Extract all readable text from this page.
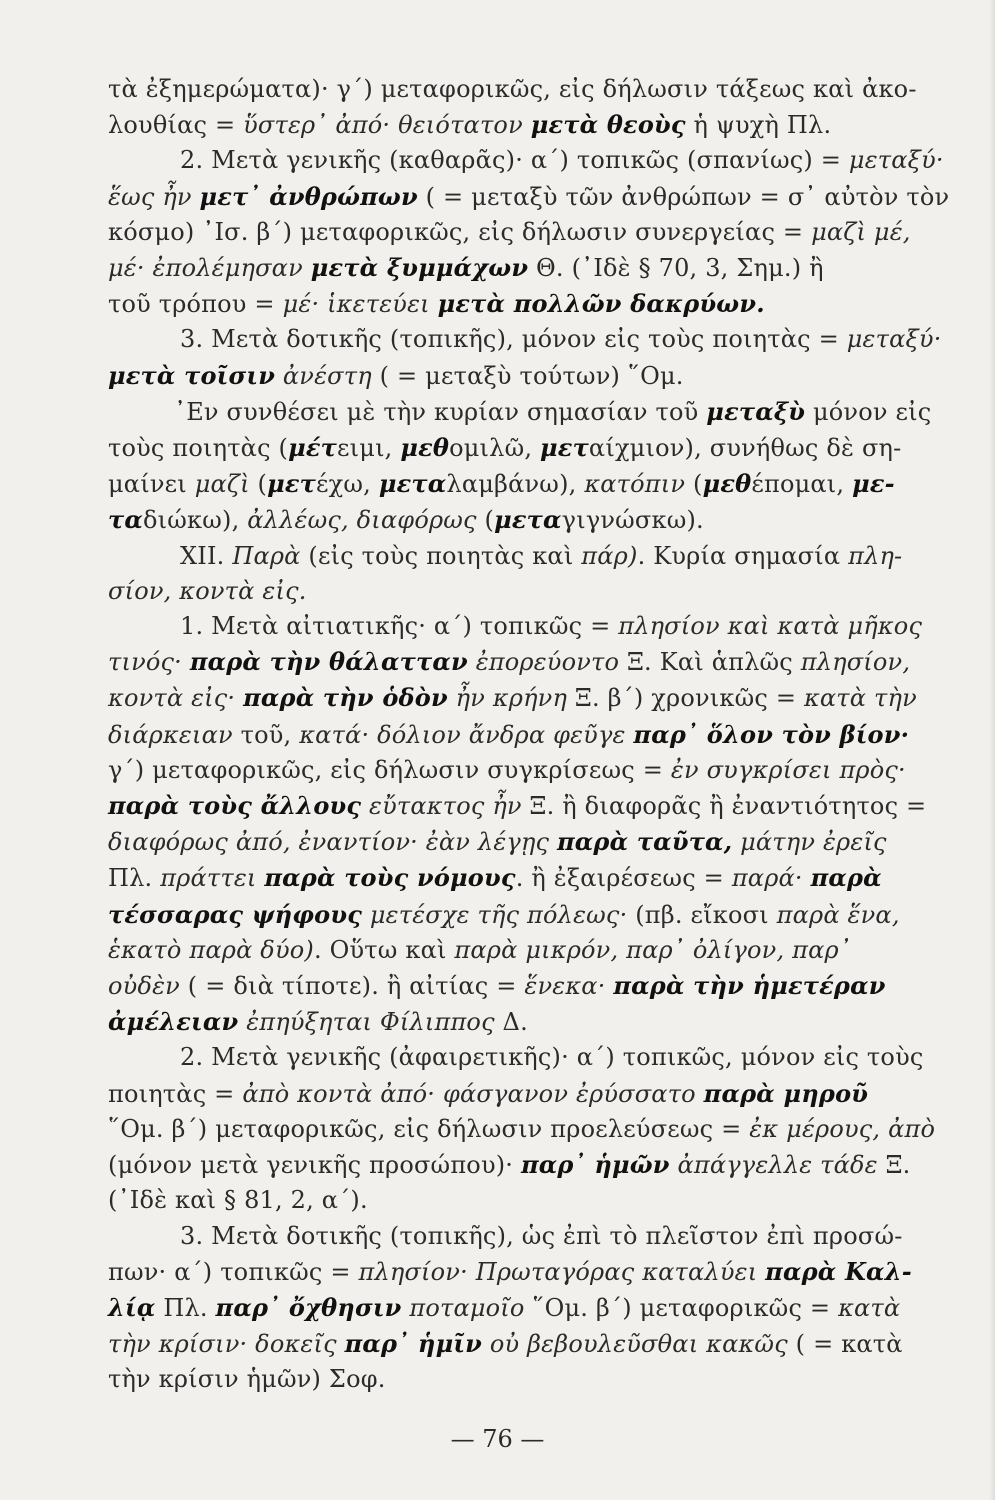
τὰ ἐξημερώματα)· γ΄) μεταφορικῶς, εἰς δήλωσιν τάξεως καὶ ἀκο-
λουθίας = ὕστερ᾿ ἀπό· θειότατον μετὰ θεοὺς ἡ ψυχὴ Πλ.
2. Μετὰ γενικῆς (καθαρᾶς)· α΄) τοπικῶς (σπανίως) = μεταξύ·
ἕως ἦν μετ᾿ ἀνθρώπων ( = μεταξὺ τῶν ἀνθρώπων = σ᾿ αὐτὸν τὸν
κόσμο) ᾿Ισ. β΄) μεταφορικῶς, εἰς δήλωσιν συνεργείας = μαζὶ μέ,
μέ· ἐπολέμησαν μετὰ ξυμμάχων Θ. (᾿Ιδὲ § 70, 3, Σημ.) ἢ
τοῦ τρόπου = μέ· ἱκετεύει μετὰ πολλῶν δακρύων.
3. Μετὰ δοτικῆς (τοπικῆς), μόνον εἰς τοὺς ποιητὰς = μεταξύ·
μετὰ τοῖσιν ἀνέστη ( = μεταξὺ τούτων) ῞Ομ.
᾿Εν συνθέσει μὲ τὴν κυρίαν σημασίαν τοῦ μεταξὺ μόνον εἰς
τοὺς ποιητὰς (μέτειμι, μεθομιλῶ, μεταίχμιον), συνήθως δὲ ση-
μαίνει μαζὶ (μετέχω, μεταλαμβάνω), κατόπιν (μεθέπομαι, με-
ταδιώκω), ἀλλέως, διαφόρως (μεταγιγνώσκω).
XII. Παρὰ (εἰς τοὺς ποιητὰς καὶ πάρ). Κυρία σημασία πλη-
σίον, κοντὰ εἰς.
1. Μετὰ αἰτιατικῆς· α΄) τοπικῶς = πλησίον καὶ κατὰ μῆκος
τινός· παρὰ τὴν θάλατταν ἐπορεύοντο Ξ. Καὶ ἁπλῶς πλησίον,
κοντὰ εἰς· παρὰ τὴν ὁδὸν ἦν κρήνη Ξ. β΄) χρονικῶς = κατὰ τὴν
διάρκειαν τοῦ, κατά· δόλιον ἄνδρα φεῦγε παρ᾿ ὅλον τὸν βίον·
γ΄) μεταφορικῶς, εἰς δήλωσιν συγκρίσεως = ἐν συγκρίσει πρὸς·
παρὰ τοὺς ἄλλους εὔτακτος ἦν Ξ. ἢ διαφορᾶς ἢ ἐναντιότητος =
διαφόρως ἀπό, ἐναντίον· ἐὰν λέγῃς παρὰ ταῦτα, μάτην ἐρεῖς
Πλ. πράττει παρὰ τοὺς νόμους. ἢ ἐξαιρέσεως = παρά· παρὰ
τέσσαρας ψήφους μετέσχε τῆς πόλεως· (πβ. εἴκοσι παρὰ ἕνα,
ἑκατὸ παρὰ δύο). Οὕτω καὶ παρὰ μικρόν, παρ᾿ ὀλίγον, παρ᾿
οὐδὲν ( = διὰ τίποτε). ἢ αἰτίας = ἕνεκα· παρὰ τὴν ἡμετέραν
ἀμέλειαν ἐπηύξηται Φίλιππος Δ.
2. Μετὰ γενικῆς (ἀφαιρετικῆς)· α΄) τοπικῶς, μόνον εἰς τοὺς
ποιητὰς = ἀπὸ κοντὰ ἀπό· φάσγανον ἐρύσσατο παρὰ μηροῦ
῞Ομ. β΄) μεταφορικῶς, εἰς δήλωσιν προελεύσεως = ἐκ μέρους, ἀπὸ
(μόνον μετὰ γενικῆς προσώπου)· παρ᾿ ἡμῶν ἀπάγγελλε τάδε Ξ.
(᾿Ιδὲ καὶ § 81, 2, α΄).
3. Μετὰ δοτικῆς (τοπικῆς), ὡς ἐπὶ τὸ πλεῖστον ἐπὶ προσώ-
πων· α΄) τοπικῶς = πλησίον· Πρωταγόρας καταλύει παρὰ Καλ-
λίᾳ Πλ. παρ᾿ ὄχθησιν ποταμοῖο ῞Ομ. β΄) μεταφορικῶς = κατὰ
τὴν κρίσιν· δοκεῖς παρ᾿ ἡμῖν οὐ βεβουλεῦσθαι κακῶς ( = κατὰ
τὴν κρίσιν ἡμῶν) Σοφ.
— 76 —
